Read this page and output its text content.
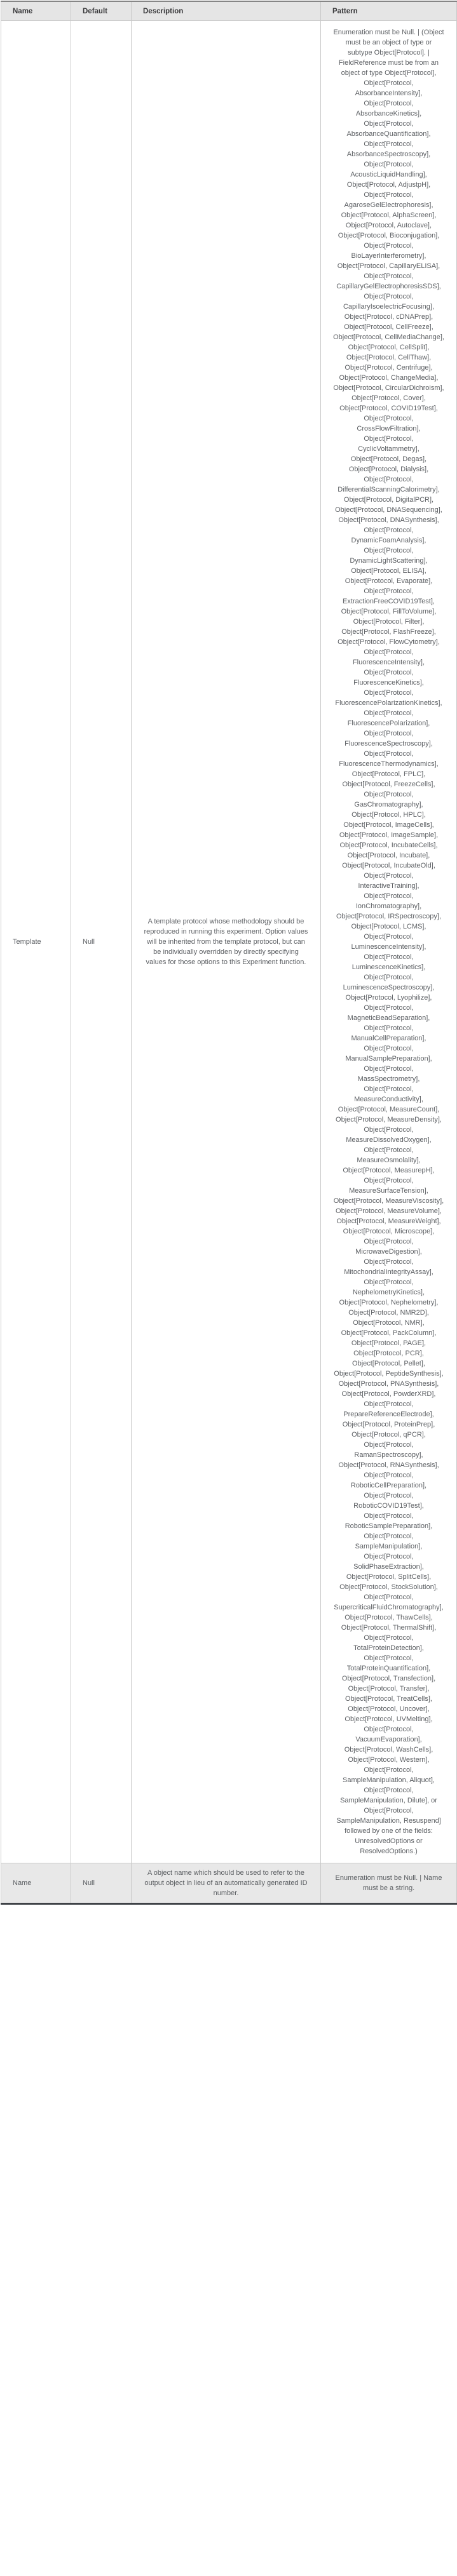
Name	Default	Description	Pattern
Template	Null	A template protocol whose methodology should be reproduced in running this experiment. Option values will be inherited from the template protocol, but can be individually overridden by directly specifying values for those options to this Experiment function.	Enumeration must be Null. | (Object must be an object of type or subtype Object[Protocol]. | FieldReference must be from an object of type Object[Protocol], Object[Protocol, AbsorbanceIntensity], Object[Protocol, AbsorbanceKinetics], Object[Protocol, AbsorbanceQuantification], Object[Protocol, AbsorbanceSpectroscopy], Object[Protocol, AcousticLiquidHandling], Object[Protocol, AdjustpH], Object[Protocol, AgaroseGelElectrophoresis], Object[Protocol, AlphaScreen], Object[Protocol, Autoclave], Object[Protocol, Bioconjugation], Object[Protocol, BioLayerInterferometry], Object[Protocol, CapillaryELISA], Object[Protocol, CapillaryGelElectrophoresisSDS], Object[Protocol, CapillaryIsoelectricFocusing], Object[Protocol, cDNAPrep], Object[Protocol, CellFreeze], Object[Protocol, CellMediaChange], Object[Protocol, CellSplit], Object[Protocol, CellThaw], Object[Protocol, Centrifuge], Object[Protocol, ChangeMedia], Object[Protocol, CircularDichroism], Object[Protocol, Cover], Object[Protocol, COVID19Test], Object[Protocol, CrossFlowFiltration], Object[Protocol, CyclicVoltammetry], Object[Protocol, Degas], Object[Protocol, Dialysis], Object[Protocol, DifferentialScanningCalorimetry], Object[Protocol, DigitalPCR], Object[Protocol, DNASequencing], Object[Protocol, DNASynthesis], Object[Protocol, DynamicFoamAnalysis], Object[Protocol, DynamicLightScattering], Object[Protocol, ELISA], Object[Protocol, Evaporate], Object[Protocol, ExtractionFreeCOVID19Test], Object[Protocol, FillToVolume], Object[Protocol, Filter], Object[Protocol, FlashFreeze], Object[Protocol, FlowCytometry], Object[Protocol, FluorescenceIntensity], Object[Protocol, FluorescenceKinetics], Object[Protocol, FluorescencePolarizationKinetics], Object[Protocol, FluorescencePolarization], Object[Protocol, FluorescenceSpectroscopy], Object[Protocol, FluorescenceThermodynamics], Object[Protocol, FPLC], Object[Protocol, FreezeCells], Object[Protocol, GasChromatography], Object[Protocol, HPLC], Object[Protocol, ImageCells], Object[Protocol, ImageSample], Object[Protocol, IncubateCells], Object[Protocol, Incubate], Object[Protocol, IncubateOld], Object[Protocol, InteractiveTraining], Object[Protocol, IonChromatography], Object[Protocol, IRSpectroscopy], Object[Protocol, LCMS], Object[Protocol, LuminescenceIntensity], Object[Protocol, LuminescenceKinetics], Object[Protocol, LuminescenceSpectroscopy], Object[Protocol, Lyophilize], Object[Protocol, MagneticBeadSeparation], Object[Protocol, ManualCellPreparation], Object[Protocol, ManualSamplePreparation], Object[Protocol, MassSpectrometry], Object[Protocol, MeasureConductivity], Object[Protocol, MeasureCount], Object[Protocol, MeasureDensity], Object[Protocol, MeasureDissolvedOxygen], Object[Protocol, MeasureOsmolality], Object[Protocol, MeasurepH], Object[Protocol, MeasureSurfaceTension], Object[Protocol, MeasureViscosity], Object[Protocol, MeasureVolume], Object[Protocol, MeasureWeight], Object[Protocol, Microscope], Object[Protocol, MicrowaveDigestion], Object[Protocol, MitochondrialIntegrityAssay], Object[Protocol, NephelometryKinetics], Object[Protocol, Nephelometry], Object[Protocol, NMR2D], Object[Protocol, NMR], Object[Protocol, PackColumn], Object[Protocol, PAGE], Object[Protocol, PCR], Object[Protocol, Pellet], Object[Protocol, PeptideSynthesis], Object[Protocol, PNASynthesis], Object[Protocol, PowderXRD], Object[Protocol, PrepareReferenceElectrode], Object[Protocol, ProteinPrep], Object[Protocol, qPCR], Object[Protocol, RamanSpectroscopy], Object[Protocol, RNASynthesis], Object[Protocol, RoboticCellPreparation], Object[Protocol, RoboticCOVID19Test], Object[Protocol, RoboticSamplePreparation], Object[Protocol, SampleManipulation], Object[Protocol, SolidPhaseExtraction], Object[Protocol, SplitCells], Object[Protocol, StockSolution], Object[Protocol, SupercriticalFluidChromatography], Object[Protocol, ThawCells], Object[Protocol, ThermalShift], Object[Protocol, TotalProteinDetection], Object[Protocol, TotalProteinQuantification], Object[Protocol, Transfection], Object[Protocol, Transfer], Object[Protocol, TreatCells], Object[Protocol, Uncover], Object[Protocol, UVMelting], Object[Protocol, VacuumEvaporation], Object[Protocol, WashCells], Object[Protocol, Western], Object[Protocol, SampleManipulation, Aliquot], Object[Protocol, SampleManipulation, Dilute], or Object[Protocol, SampleManipulation, Resuspend] followed by one of the fields: UnresolvedOptions or ResolvedOptions.)
Name	Null	A object name which should be used to refer to the output object in lieu of an automatically generated ID number.	Enumeration must be Null. | Name must be a string.
